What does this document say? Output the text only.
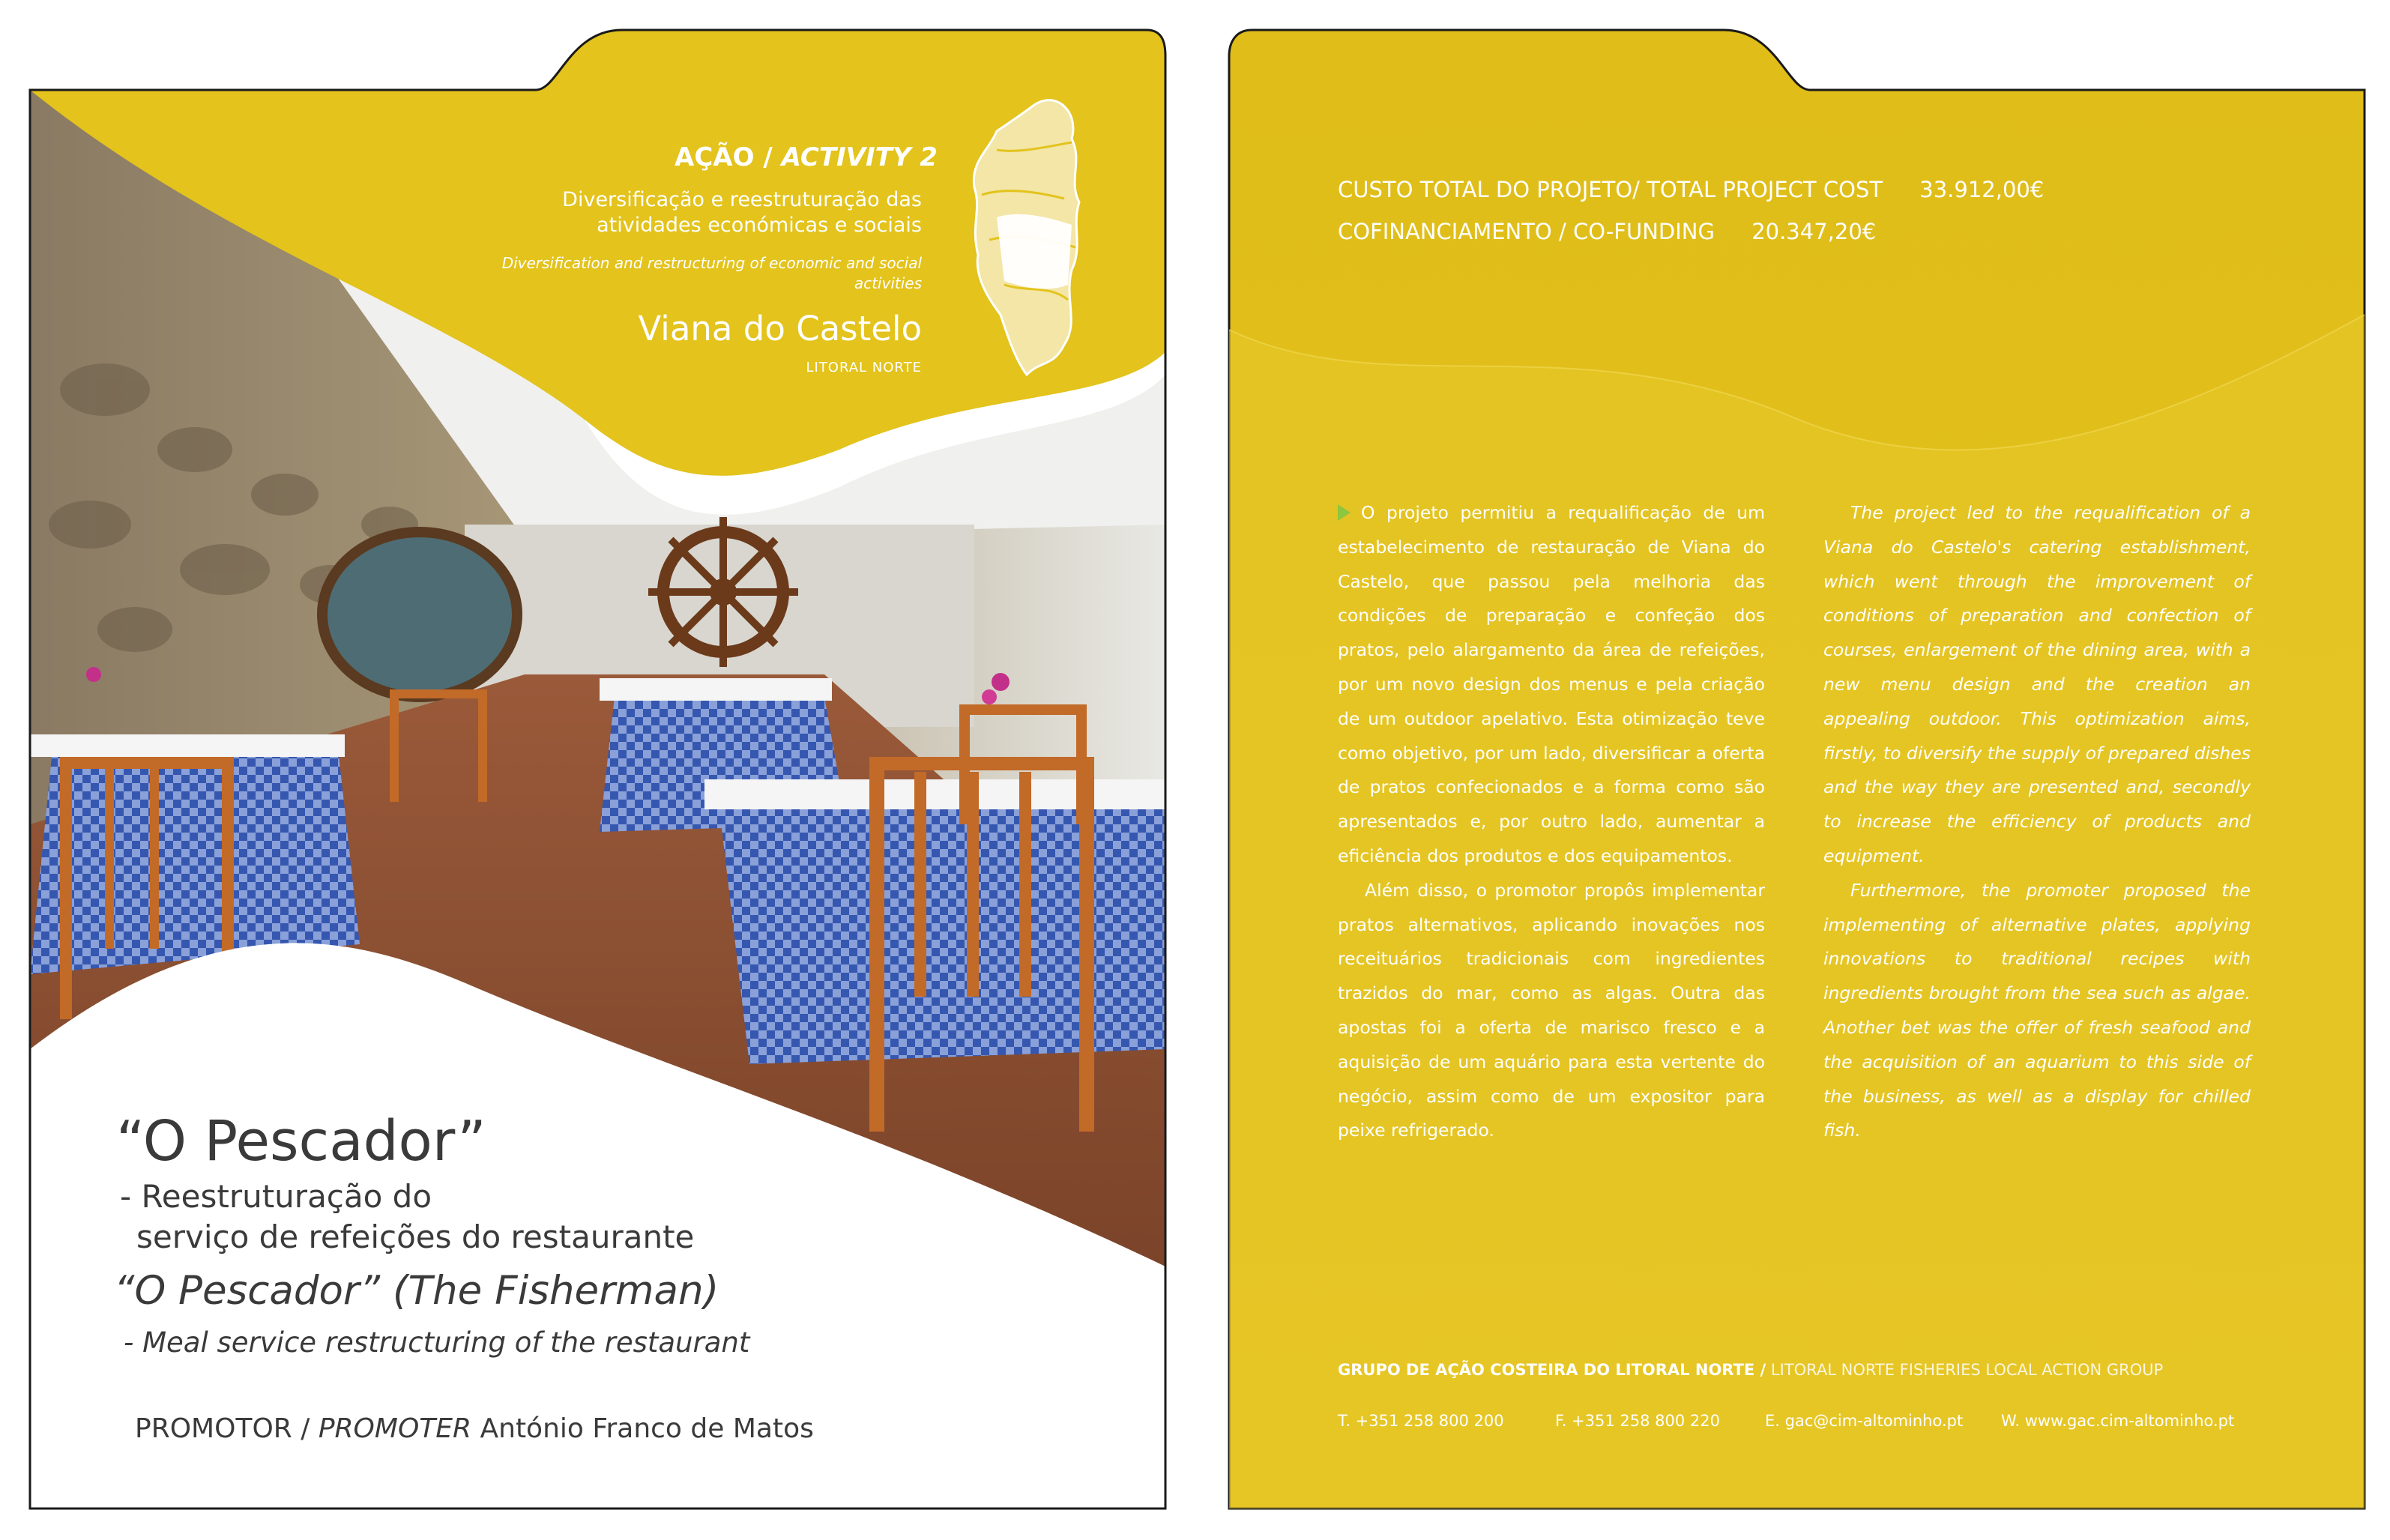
AÇÃO / ACTIVITY 2
Diversificação e reestruturação das atividades económicas e sociais
Diversification and restructuring of economic and social activities
Viana do Castelo
LITORAL NORTE
“O Pescador”
- Reestruturação do
serviço de refeições do restaurante
“O Pescador” (The Fisherman)
- Meal service restructuring of the restaurant
PROMOTOR / PROMOTER António Franco de Matos
CUSTO TOTAL DO PROJETO/ TOTAL PROJECT COST 33.912,00€
COFINANCIAMENTO / CO-FUNDING 20.347,20€

O projeto permitiu a requalificação de um estabelecimento de restauração de Viana do Castelo, que passou pela melhoria das condições de preparação e confeção dos pratos, pelo alargamento da área de refeições, por um novo design dos menus e pela criação de um outdoor apelativo. Esta otimização teve como objetivo, por um lado, diversificar a oferta de pratos confecionados e a forma como são apresentados e, por outro lado, aumentar a eficiência dos produtos e dos equipamentos.

Além disso, o promotor propôs implementar pratos alternativos, aplicando inovações nos receituários tradicionais com ingredientes trazidos do mar, como as algas. Outra das apostas foi a oferta de marisco fresco e a aquisição de um aquário para esta vertente do negócio, assim como de um expositor para peixe refrigerado.

The project led to the requalification of a Viana do Castelo's catering establishment, which went through the improvement of conditions of preparation and confection of courses, enlargement of the dining area, with a new menu design and the creation an appealing outdoor. This optimization aims, firstly, to diversify the supply of prepared dishes and the way they are presented and, secondly to increase the efficiency of products and equipment.

Furthermore, the promoter proposed the implementing of alternative plates, applying innovations to traditional recipes with ingredients brought from the sea such as algae. Another bet was the offer of fresh seafood and the acquisition of an aquarium to this side of the business, as well as a display for chilled fish.

GRUPO DE AÇÃO COSTEIRA DO LITORAL NORTE / LITORAL NORTE FISHERIES LOCAL ACTION GROUP
T. +351 258 800 200	F. +351 258 800 220	E. gac@cim-altominho.pt W. www.gac.cim-altominho.pt
